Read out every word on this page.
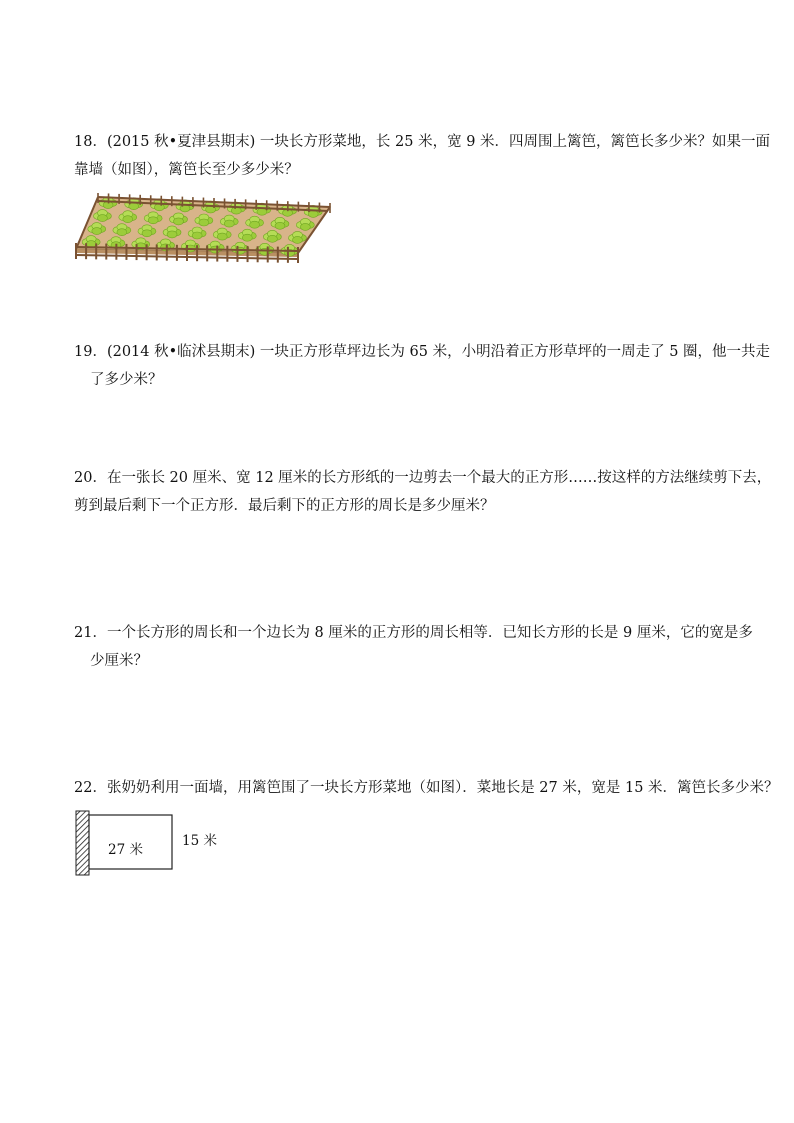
18．(2015 秋•夏津县期末) 一块长方形菜地，长 25 米，宽 9 米．四周围上篱笆，篱笆长多少米？如果一面
靠墙（如图），篱笆长至少多少米？
19．(2014 秋•临沭县期末) 一块正方形草坪边长为 65 米，小明沿着正方形草坪的一周走了 5 圈，他一共走
了多少米？
20．在一张长 20 厘米、宽 12 厘米的长方形纸的一边剪去一个最大的正方形……按这样的方法继续剪下去，
剪到最后剩下一个正方形．最后剩下的正方形的周长是多少厘米？
21．一个长方形的周长和一个边长为 8 厘米的正方形的周长相等．已知长方形的长是 9 厘米，它的宽是多
少厘米？
22．张奶奶利用一面墙，用篱笆围了一块长方形菜地（如图）．菜地长是 27 米，宽是 15 米．篱笆长多少米？
27 米
15 米
